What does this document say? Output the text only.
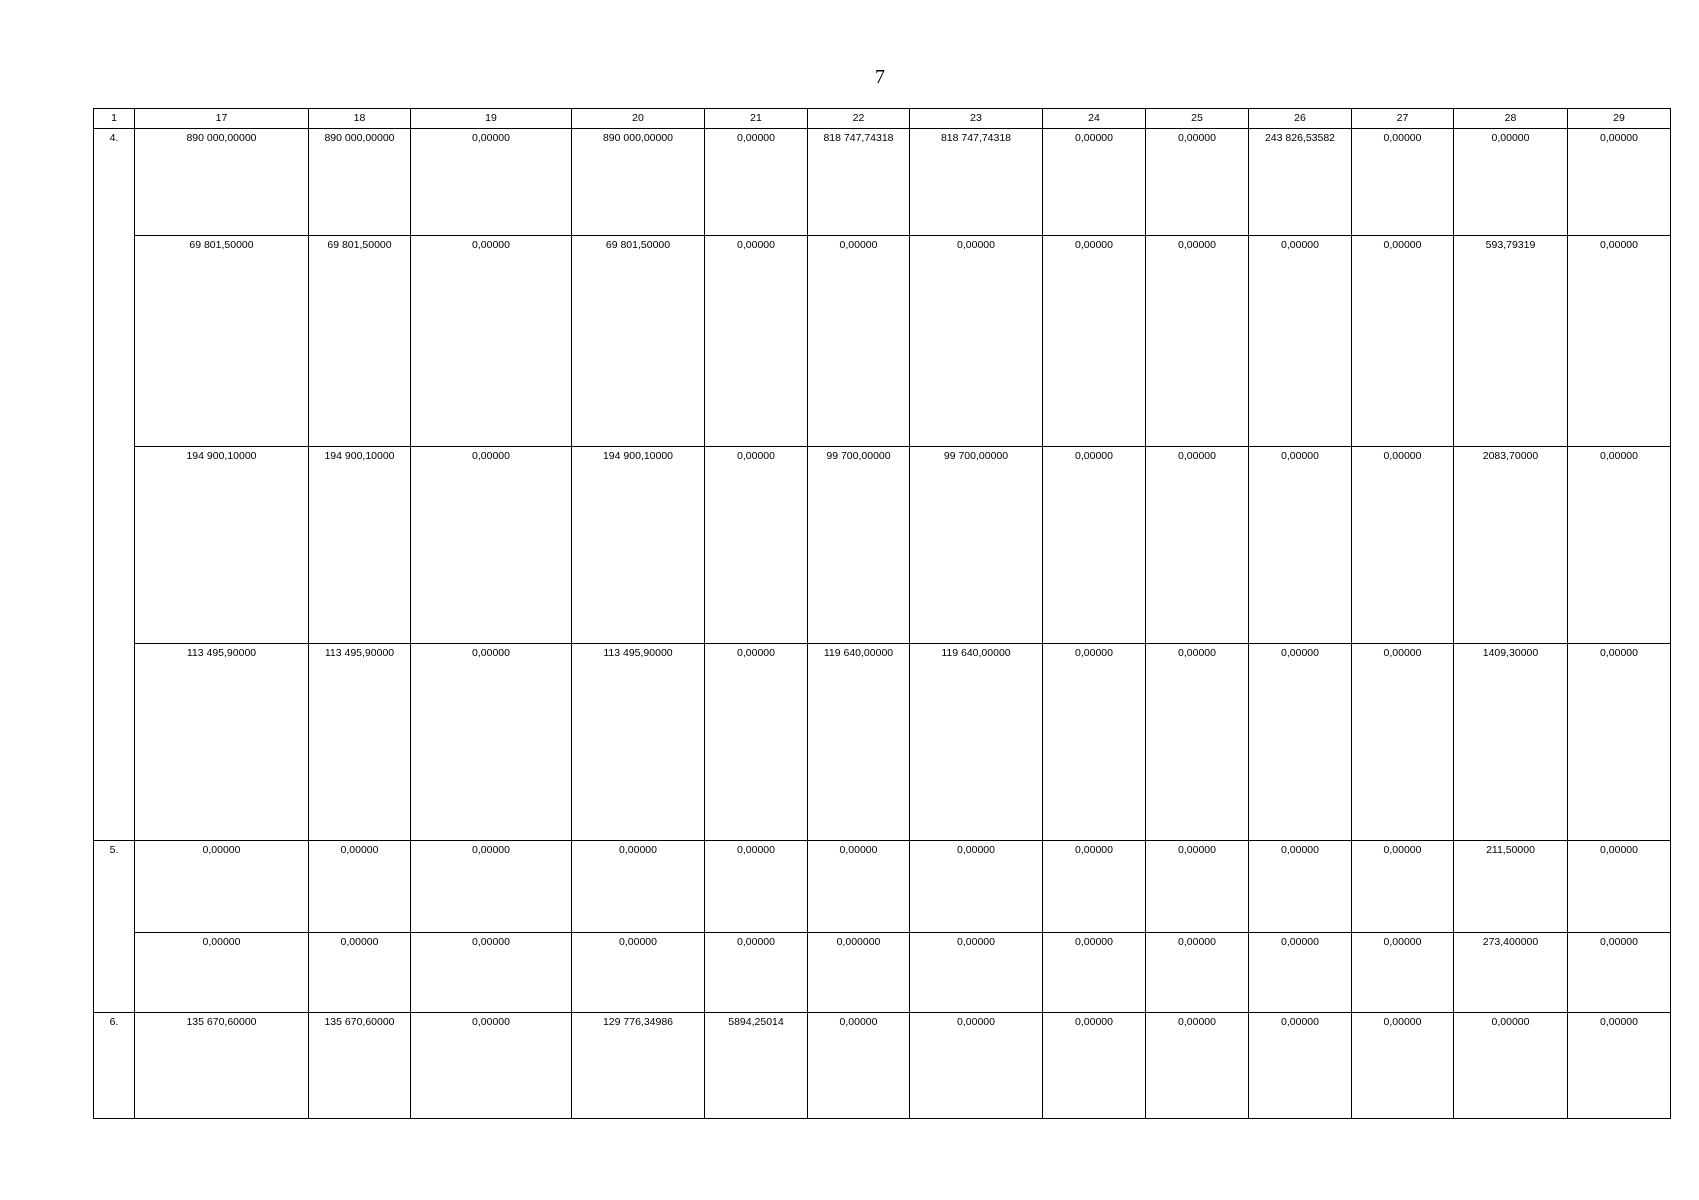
7
1	17	18	19	20	21	22	23	24	25	26	27	28	29
4.	890 000,00000	890 000,00000	0,00000	890 000,00000	0,00000	818 747,74318	818 747,74318	0,00000	0,00000	243 826,53582	0,00000	0,00000	0,00000
	69 801,50000	69 801,50000	0,00000	69 801,50000	0,00000	0,00000	0,00000	0,00000	0,00000	0,00000	0,00000	593,79319	0,00000
	194 900,10000	194 900,10000	0,00000	194 900,10000	0,00000	99 700,00000	99 700,00000	0,00000	0,00000	0,00000	0,00000	2083,70000	0,00000
	113 495,90000	113 495,90000	0,00000	113 495,90000	0,00000	119 640,00000	119 640,00000	0,00000	0,00000	0,00000	0,00000	1409,30000	0,00000
5.	0,00000	0,00000	0,00000	0,00000	0,00000	0,00000	0,00000	0,00000	0,00000	0,00000	0,00000	211,50000	0,00000
	0,00000	0,00000	0,00000	0,00000	0,00000	0,000000	0,00000	0,00000	0,00000	0,00000	0,00000	273,400000	0,00000
6.	135 670,60000	135 670,60000	0,00000	129 776,34986	5894,25014	0,00000	0,00000	0,00000	0,00000	0,00000	0,00000	0,00000	0,00000
